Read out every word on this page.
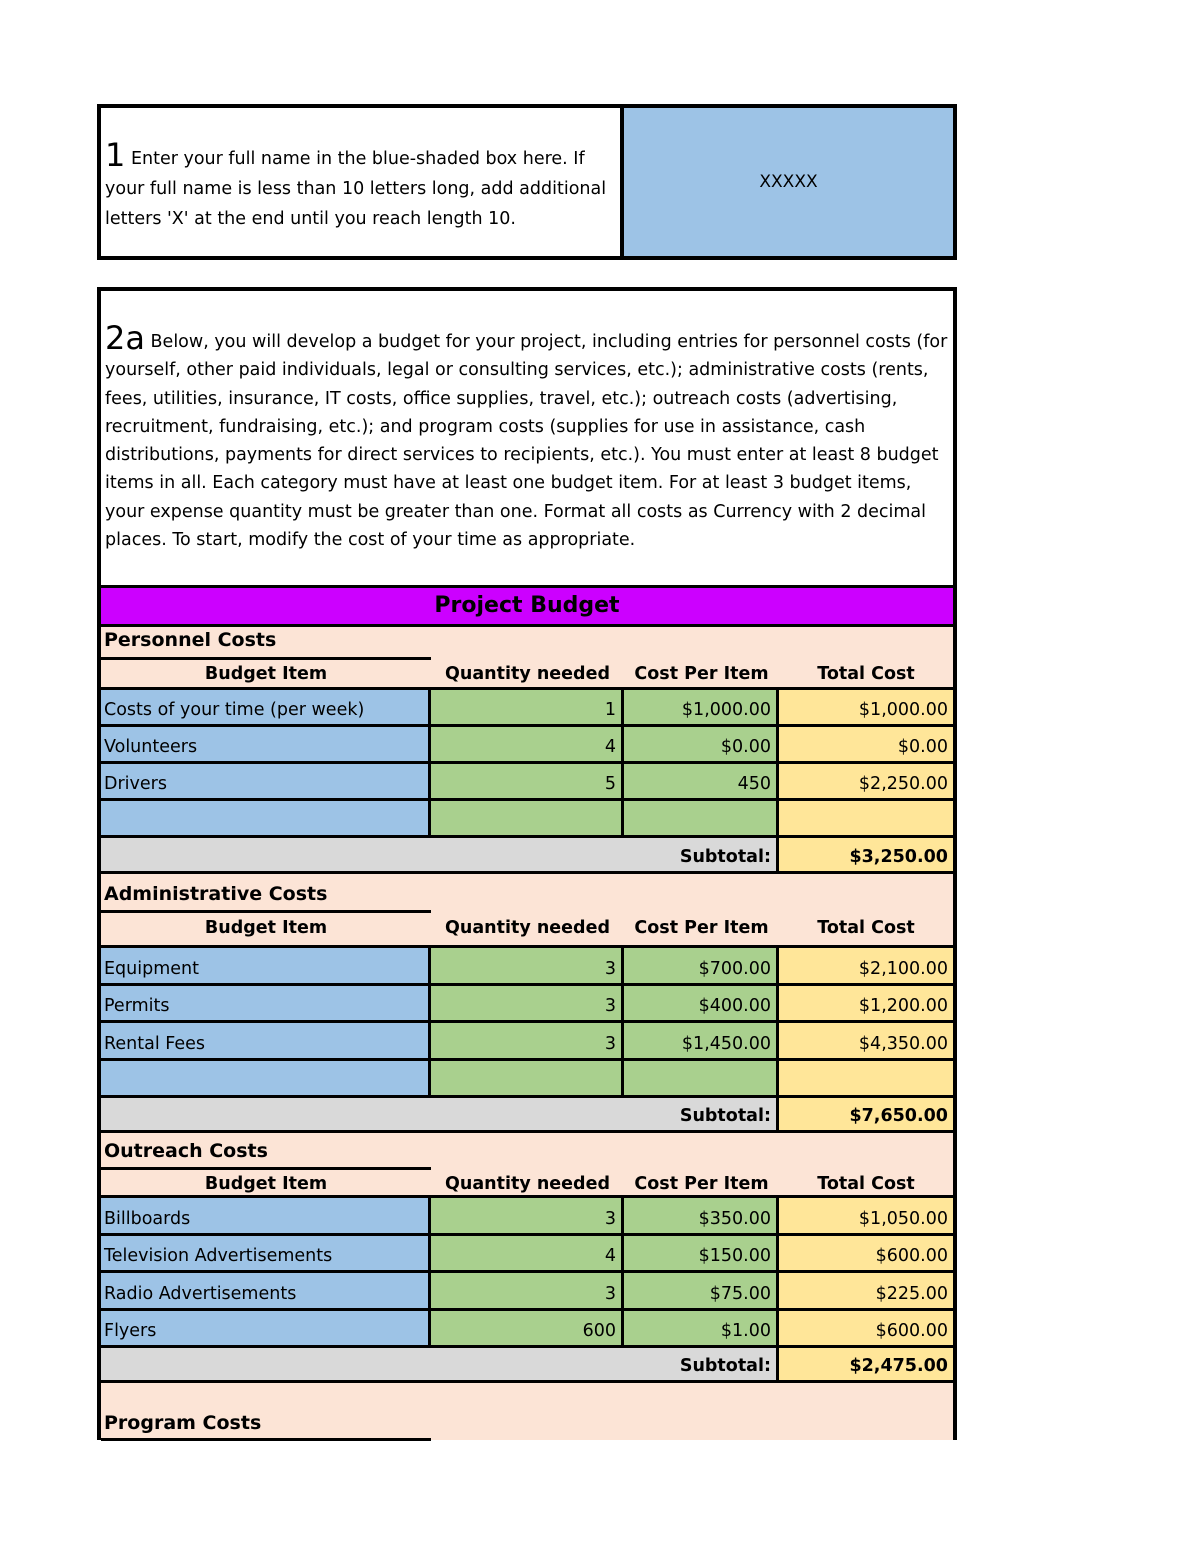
1 Enter your full name in the blue-shaded box here. If your full name is less than 10 letters long, add additional letters 'X' at the end until you reach length 10.
XXXXX
2a Below, you will develop a budget for your project, including entries for personnel costs (for yourself, other paid individuals, legal or consulting services, etc.); administrative costs (rents, fees, utilities, insurance, IT costs, office supplies, travel, etc.); outreach costs (advertising, recruitment, fundraising, etc.); and program costs (supplies for use in assistance, cash distributions, payments for direct services to recipients, etc.). You must enter at least 8 budget items in all. Each category must have at least one budget item. For at least 3 budget items, your expense quantity must be greater than one. Format all costs as Currency with 2 decimal places. To start, modify the cost of your time as appropriate.
Project Budget
Personnel Costs
Budget Item	Quantity needed	Cost Per Item	Total Cost
Costs of your time (per week)	1	$1,000.00	$1,000.00
Volunteers	4	$0.00	$0.00
Drivers	5	450	$2,250.00
Subtotal:	$3,250.00
Administrative Costs
Budget Item	Quantity needed	Cost Per Item	Total Cost
Equipment	3	$700.00	$2,100.00
Permits	3	$400.00	$1,200.00
Rental Fees	3	$1,450.00	$4,350.00
Subtotal:	$7,650.00
Outreach Costs
Budget Item	Quantity needed	Cost Per Item	Total Cost
Billboards	3	$350.00	$1,050.00
Television Advertisements	4	$150.00	$600.00
Radio Advertisements	3	$75.00	$225.00
Flyers	600	$1.00	$600.00
Subtotal:	$2,475.00
Program Costs
